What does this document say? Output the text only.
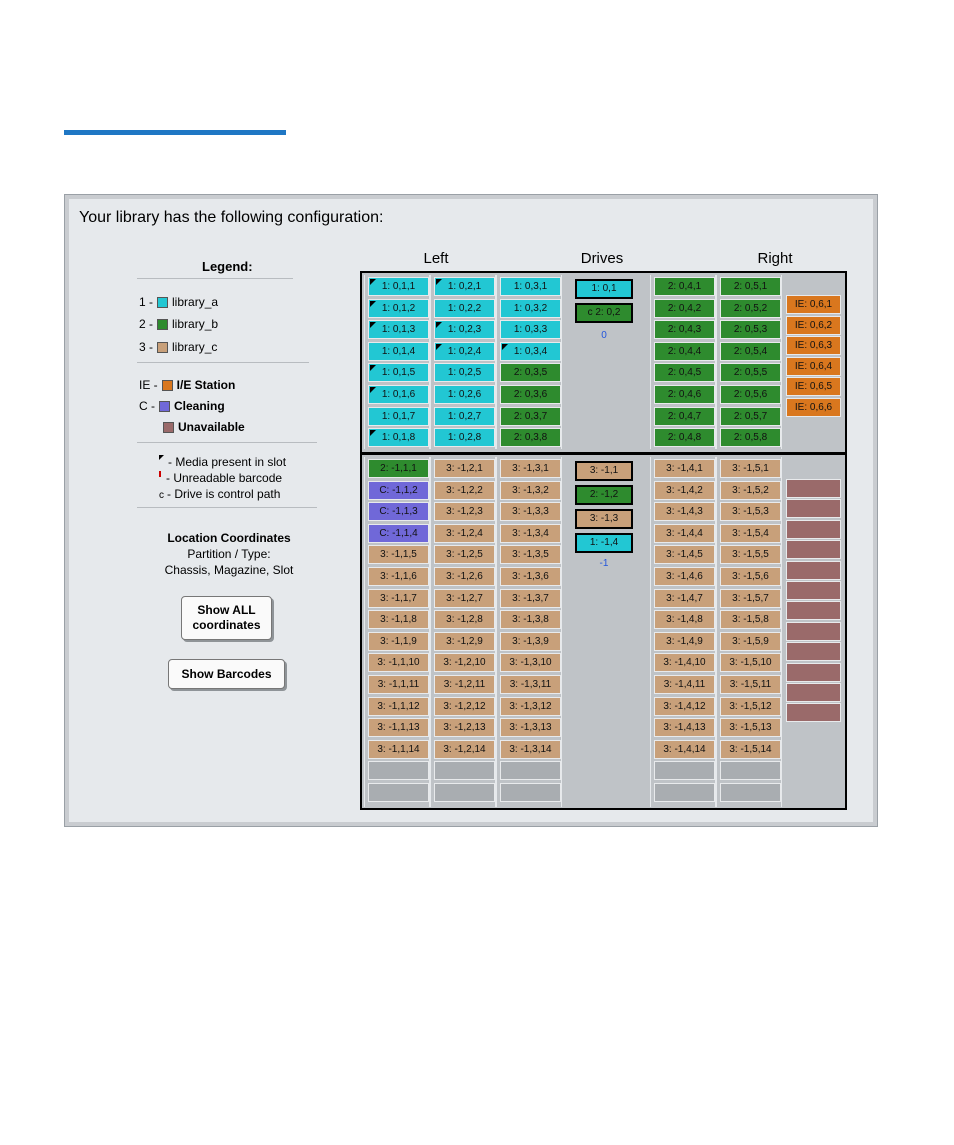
Your library has the following configuration:
Legend:
1 - library_a
2 - library_b
3 - library_c
IE - I/E Station
C - Cleaning
Unavailable
- Media present in slot
- Unreadable barcode
c - Drive is control path
Location Coordinates
Partition / Type:
Chassis, Magazine, Slot
Show ALL
coordinates
Show Barcodes
Left	Drives	Right
1: 0,1,1
1: 0,1,2
1: 0,1,3
1: 0,1,4
1: 0,1,5
1: 0,1,6
1: 0,1,7
1: 0,1,8
1: 0,2,1
1: 0,2,2
1: 0,2,3
1: 0,2,4
1: 0,2,5
1: 0,2,6
1: 0,2,7
1: 0,2,8
1: 0,3,1
1: 0,3,2
1: 0,3,3
1: 0,3,4
2: 0,3,5
2: 0,3,6
2: 0,3,7
2: 0,3,8
2: 0,4,1
2: 0,4,2
2: 0,4,3
2: 0,4,4
2: 0,4,5
2: 0,4,6
2: 0,4,7
2: 0,4,8
2: 0,5,1
2: 0,5,2
2: 0,5,3
2: 0,5,4
2: 0,5,5
2: 0,5,6
2: 0,5,7
2: 0,5,8
1: 0,1
c 2: 0,2
0
IE: 0,6,1
IE: 0,6,2
IE: 0,6,3
IE: 0,6,4
IE: 0,6,5
IE: 0,6,6
2: -1,1,1
C: -1,1,2
C: -1,1,3
C: -1,1,4
3: -1,1,5
3: -1,1,6
3: -1,1,7
3: -1,1,8
3: -1,1,9
3: -1,1,10
3: -1,1,11
3: -1,1,12
3: -1,1,13
3: -1,1,14
3: -1,2,1
3: -1,2,2
3: -1,2,3
3: -1,2,4
3: -1,2,5
3: -1,2,6
3: -1,2,7
3: -1,2,8
3: -1,2,9
3: -1,2,10
3: -1,2,11
3: -1,2,12
3: -1,2,13
3: -1,2,14
3: -1,3,1
3: -1,3,2
3: -1,3,3
3: -1,3,4
3: -1,3,5
3: -1,3,6
3: -1,3,7
3: -1,3,8
3: -1,3,9
3: -1,3,10
3: -1,3,11
3: -1,3,12
3: -1,3,13
3: -1,3,14
3: -1,4,1
3: -1,4,2
3: -1,4,3
3: -1,4,4
3: -1,4,5
3: -1,4,6
3: -1,4,7
3: -1,4,8
3: -1,4,9
3: -1,4,10
3: -1,4,11
3: -1,4,12
3: -1,4,13
3: -1,4,14
3: -1,5,1
3: -1,5,2
3: -1,5,3
3: -1,5,4
3: -1,5,5
3: -1,5,6
3: -1,5,7
3: -1,5,8
3: -1,5,9
3: -1,5,10
3: -1,5,11
3: -1,5,12
3: -1,5,13
3: -1,5,14
3: -1,1
2: -1,2
3: -1,3
1: -1,4
-1
